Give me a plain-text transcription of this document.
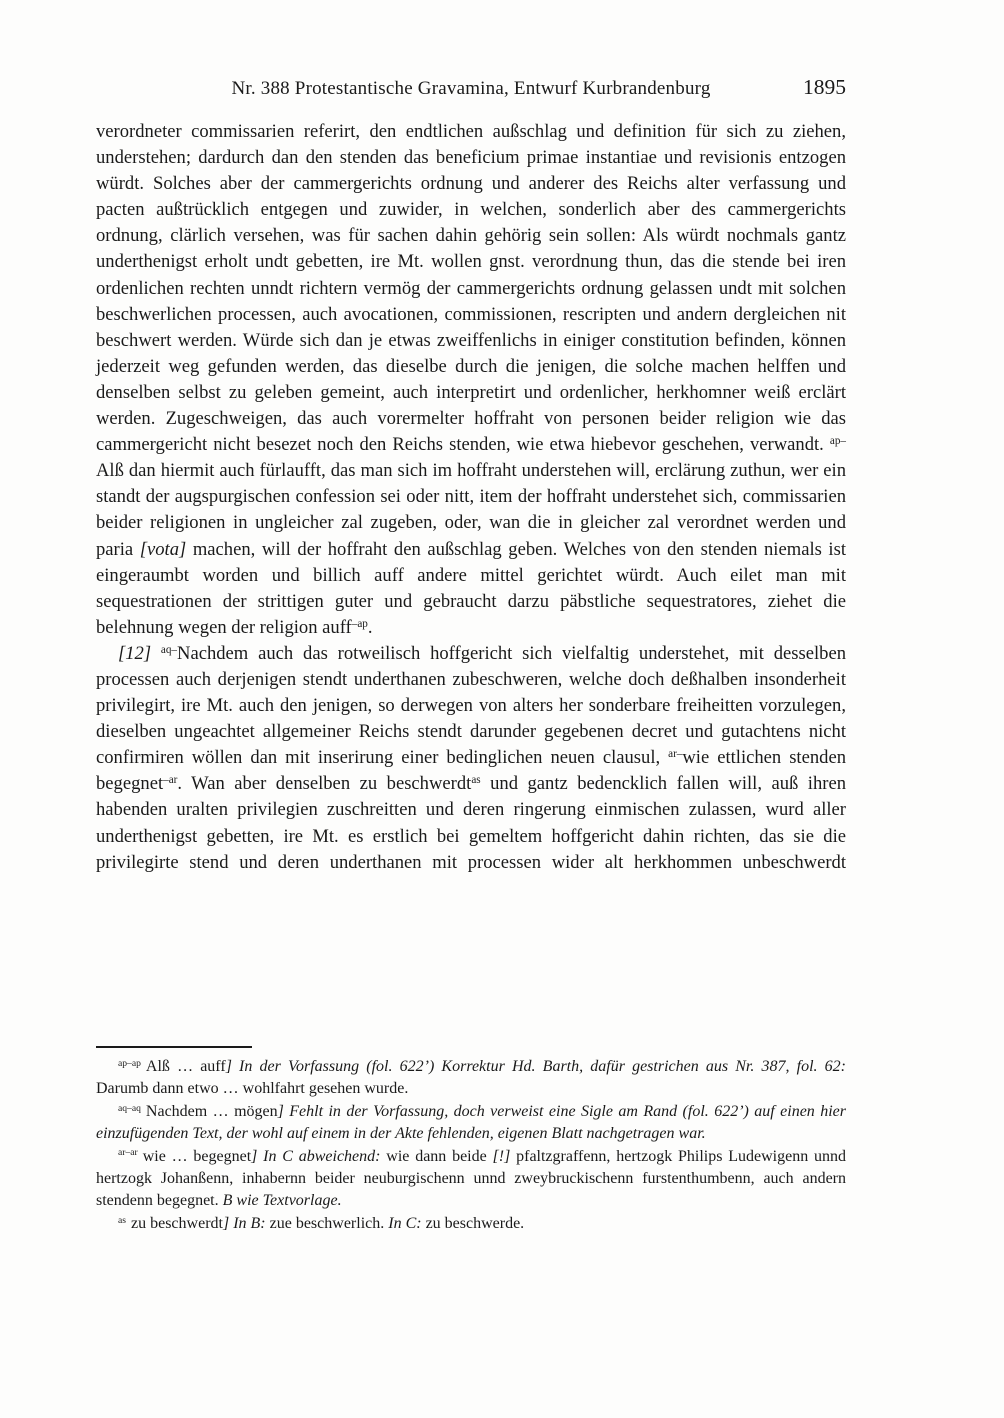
Nr. 388 Protestantische Gravamina, Entwurf Kurbrandenburg	1895

verordneter commissarien referirt, den endtlichen außschlag und definition für sich zu ziehen, understehen; dardurch dan den stenden das beneficium primae instantiae und revisionis entzogen würdt. Solches aber der cammergerichts ordnung und anderer des Reichs alter verfassung und pacten außtrücklich entgegen und zuwider, in welchen, sonderlich aber des cammergerichts ordnung, clärlich versehen, was für sachen dahin gehörig sein sollen: Als würdt nochmals gantz underthenigst erholt undt gebetten, ire Mt. wollen gnst. verordnung thun, das die stende bei iren ordenlichen rechten unndt richtern vermög der cammergerichts ordnung gelassen undt mit solchen beschwerlichen processen, auch avocationen, commissionen, rescripten und andern dergleichen nit beschwert werden. Würde sich dan je etwas zweiffenlichs in einiger constitution befinden, können jederzeit weg gefunden werden, das dieselbe durch die jenigen, die solche machen helffen und denselben selbst zu geleben gemeint, auch interpretirt und ordenlicher, herkhomner weiß erclärt werden. Zugeschweigen, das auch vorermelter hoffraht von personen beider religion wie das cammergericht nicht besezet noch den Reichs stenden, wie etwa hiebevor geschehen, verwandt. $^{ap-}$Alß dan hiermit auch fürlaufft, das man sich im hoffraht understehen will, erclärung zuthun, wer ein standt der augspurgischen confession sei oder nitt, item der hoffraht understehet sich, commissarien beider religionen in ungleicher zal zugeben, oder, wan die in gleicher zal verordnet werden und paria [vota] machen, will der hoffraht den außschlag geben. Welches von den stenden niemals ist eingeraumbt worden und billich auff andere mittel gerichtet würdt. Auch eilet man mit sequestrationen der strittigen guter und gebraucht darzu päbstliche sequestratores, ziehet die belehnung wegen der religion auff$^{-ap}$.

[12] $^{aq-}$Nachdem auch das rotweilisch hoffgericht sich vielfaltig understehet, mit desselben processen auch derjenigen stendt underthanen zubeschweren, welche doch deßhalben insonderheit privilegirt, ire Mt. auch den jenigen, so derwegen von alters her sonderbare freiheitten vorzulegen, dieselben ungeachtet allgemeiner Reichs stendt darunder gegebenen decret und gutachtens nicht confirmiren wöllen dan mit inserirung einer bedinglichen neuen clausul, $^{ar-}$wie ettlichen stenden begegnet$^{-ar}$. Wan aber denselben zu beschwerdt$^{as}$ und gantz bedencklich fallen will, auß ihren habenden uralten privilegien zuschreitten und deren ringerung einmischen zulassen, wurd aller underthenigst gebetten, ire Mt. es erstlich bei gemeltem hoffgericht dahin richten, das sie die privilegirte stend und deren underthanen mit processen wider alt herkhommen unbeschwerdt

$^{ap-ap}$ Alß … auff] In der Vorfassung (fol. 622’) Korrektur Hd. Barth, dafür gestrichen aus Nr. 387, fol. 62: Darumb dann etwo … wohlfahrt gesehen wurde.

$^{aq-aq}$ Nachdem … mögen] Fehlt in der Vorfassung, doch verweist eine Sigle am Rand (fol. 622’) auf einen hier einzufügenden Text, der wohl auf einem in der Akte fehlenden, eigenen Blatt nachgetragen war.

$^{ar-ar}$ wie … begegnet] In C abweichend: wie dann beide [!] pfaltzgraffenn, hertzogk Philips Ludewigenn unnd hertzogk Johanßenn, inhabernn beider neuburgischenn unnd zweybruckischenn furstenthumbenn, auch andern stendenn begegnet. B wie Textvorlage.

$^{as}$ zu beschwerdt] In B: zue beschwerlich. In C: zu beschwerde.
